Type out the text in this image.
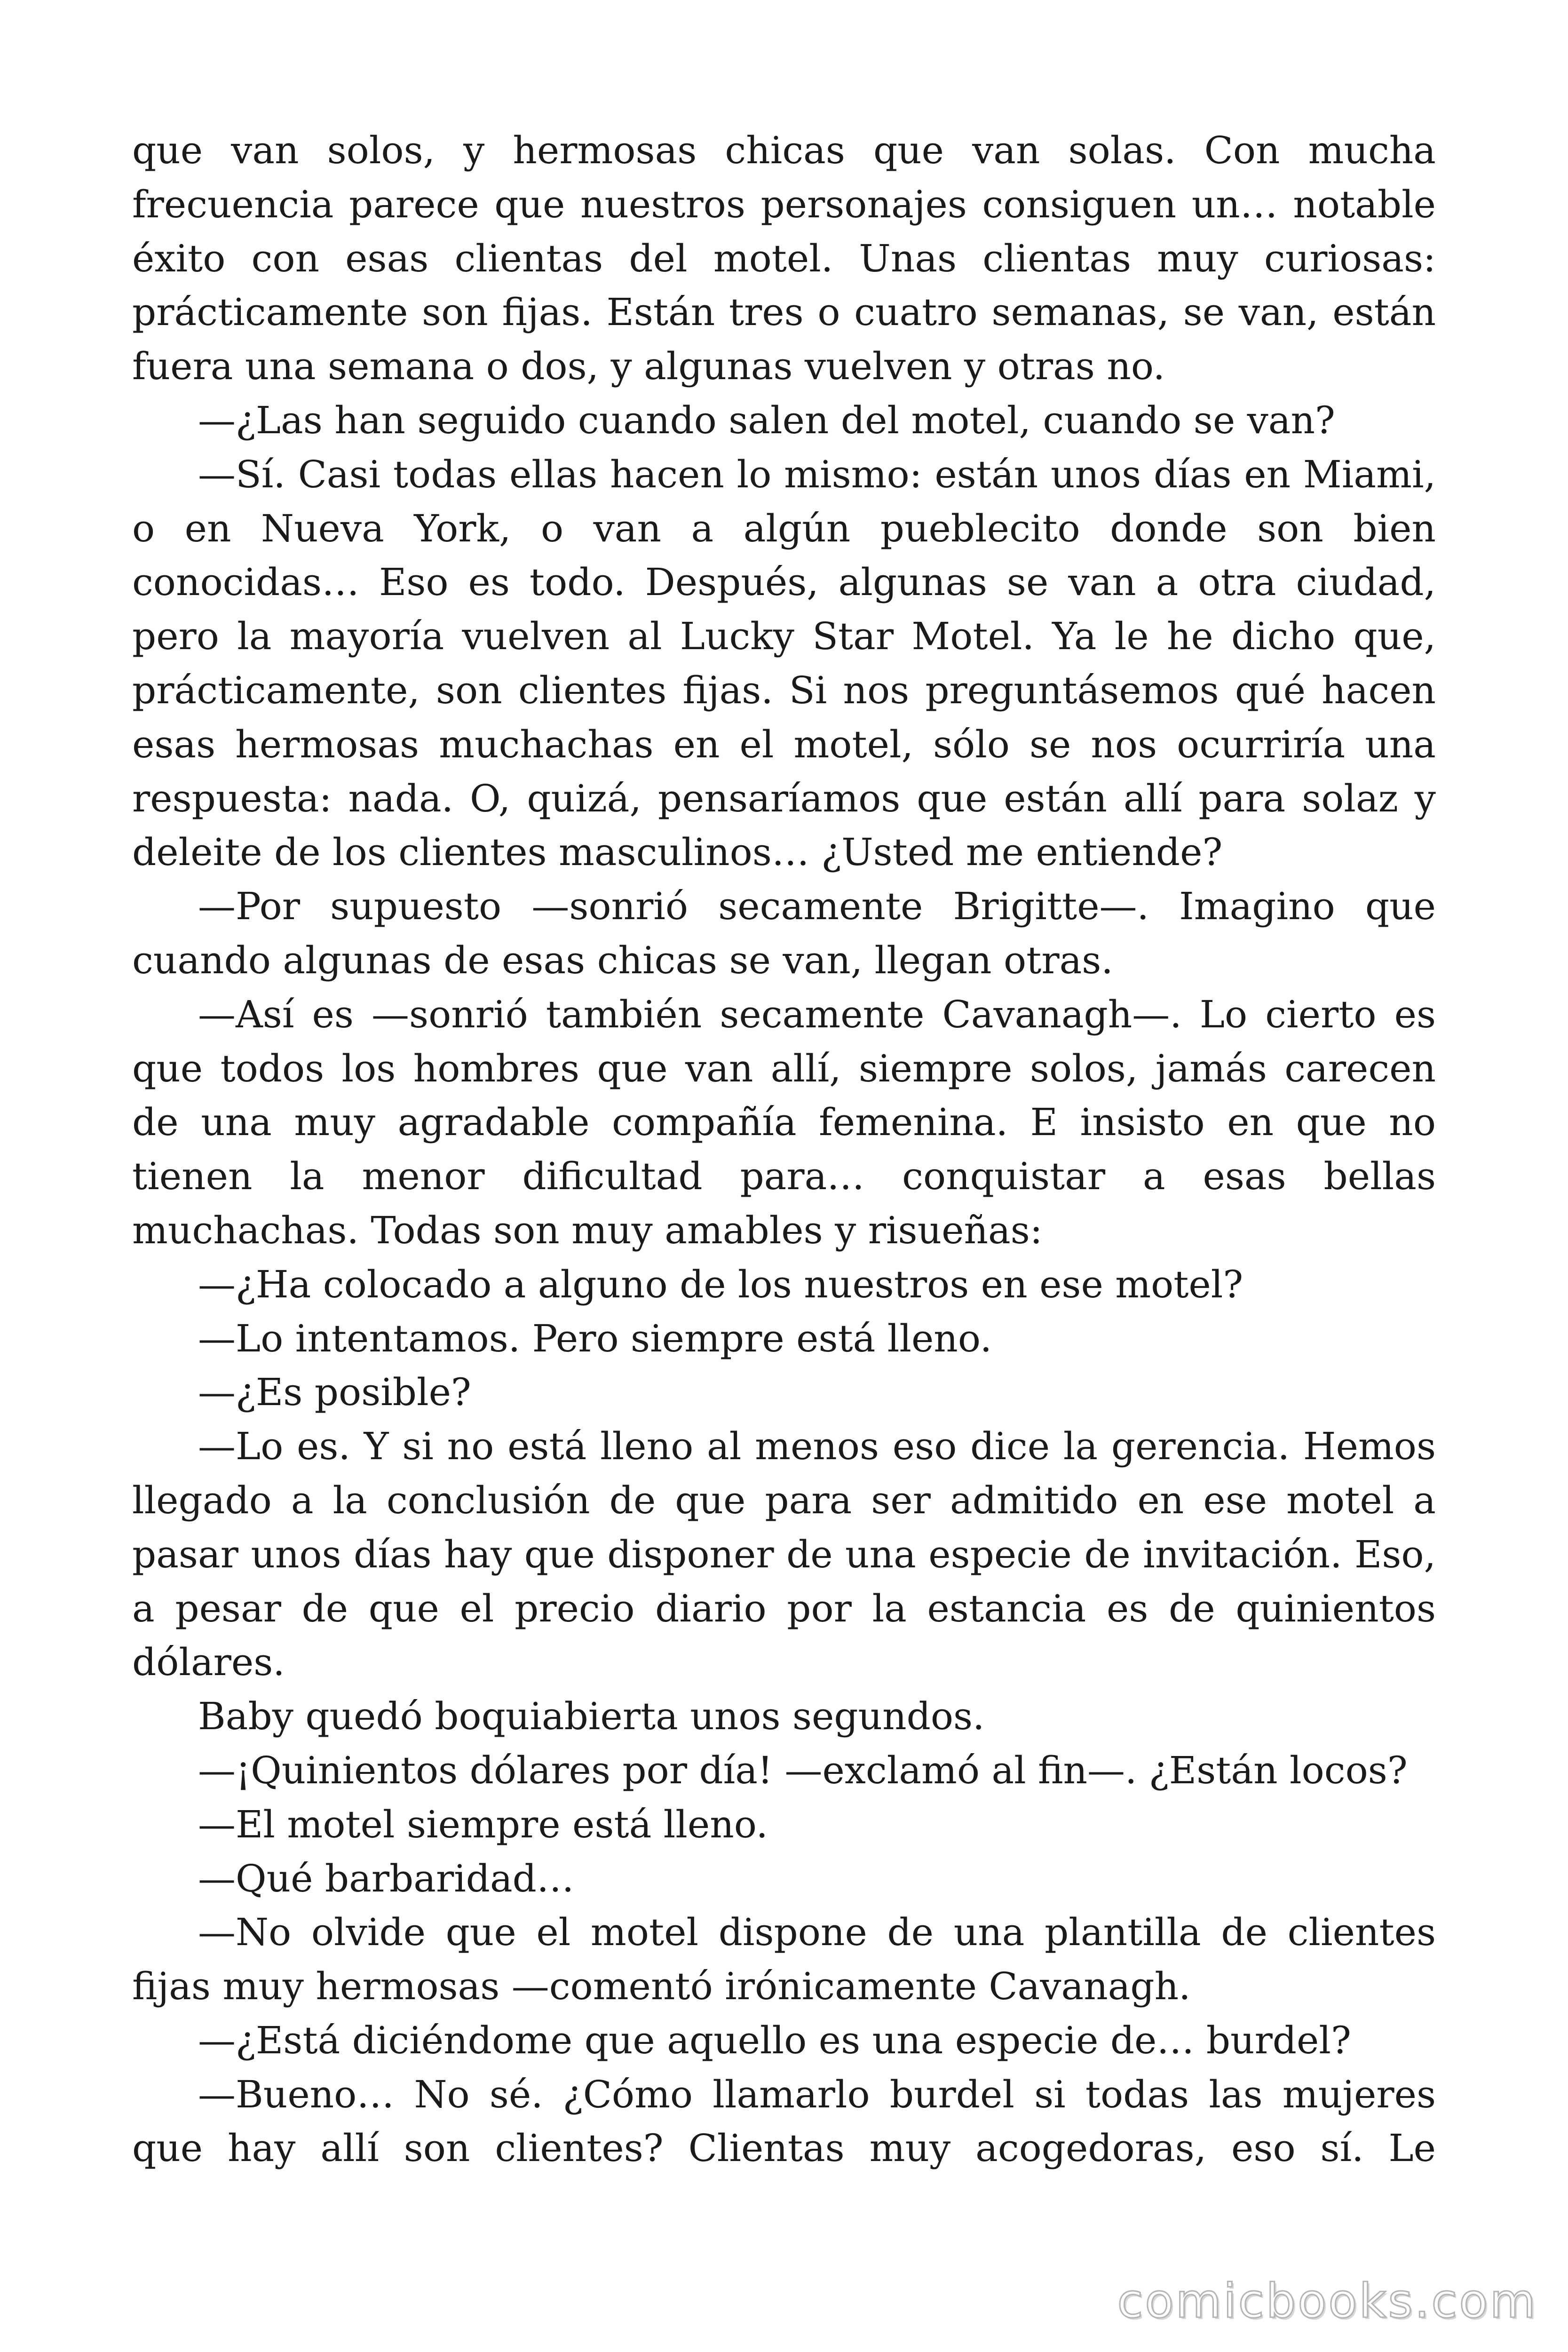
que van solos, y hermosas chicas que van solas. Con mucha frecuencia parece que nuestros personajes consiguen un… notable éxito con esas clientas del motel. Unas clientas muy curiosas: prácticamente son fijas. Están tres o cuatro semanas, se van, están fuera una semana o dos, y algunas vuelven y otras no.

—¿Las han seguido cuando salen del motel, cuando se van?

—Sí. Casi todas ellas hacen lo mismo: están unos días en Miami, o en Nueva York, o van a algún pueblecito donde son bien conocidas… Eso es todo. Después, algunas se van a otra ciudad, pero la mayoría vuelven al Lucky Star Motel. Ya le he dicho que, prácticamente, son clientes fijas. Si nos preguntásemos qué hacen esas hermosas muchachas en el motel, sólo se nos ocurriría una respuesta: nada. O, quizá, pensaríamos que están allí para solaz y deleite de los clientes masculinos… ¿Usted me entiende?

—Por supuesto —sonrió secamente Brigitte—. Imagino que cuando algunas de esas chicas se van, llegan otras.

—Así es —sonrió también secamente Cavanagh—. Lo cierto es que todos los hombres que van allí, siempre solos, jamás carecen de una muy agradable compañía femenina. E insisto en que no tienen la menor dificultad para… conquistar a esas bellas muchachas. Todas son muy amables y risueñas:

—¿Ha colocado a alguno de los nuestros en ese motel?

—Lo intentamos. Pero siempre está lleno.

—¿Es posible?

—Lo es. Y si no está lleno al menos eso dice la gerencia. Hemos llegado a la conclusión de que para ser admitido en ese motel a pasar unos días hay que disponer de una especie de invitación. Eso, a pesar de que el precio diario por la estancia es de quinientos dólares.

Baby quedó boquiabierta unos segundos.

—¡Quinientos dólares por día! —exclamó al fin—. ¿Están locos?

—El motel siempre está lleno.

—Qué barbaridad…

—No olvide que el motel dispone de una plantilla de clientes fijas muy hermosas —comentó irónicamente Cavanagh.

—¿Está diciéndome que aquello es una especie de… burdel?

—Bueno… No sé. ¿Cómo llamarlo burdel si todas las mujeres que hay allí son clientes? Clientas muy acogedoras, eso sí. Le

comicbooks.com
